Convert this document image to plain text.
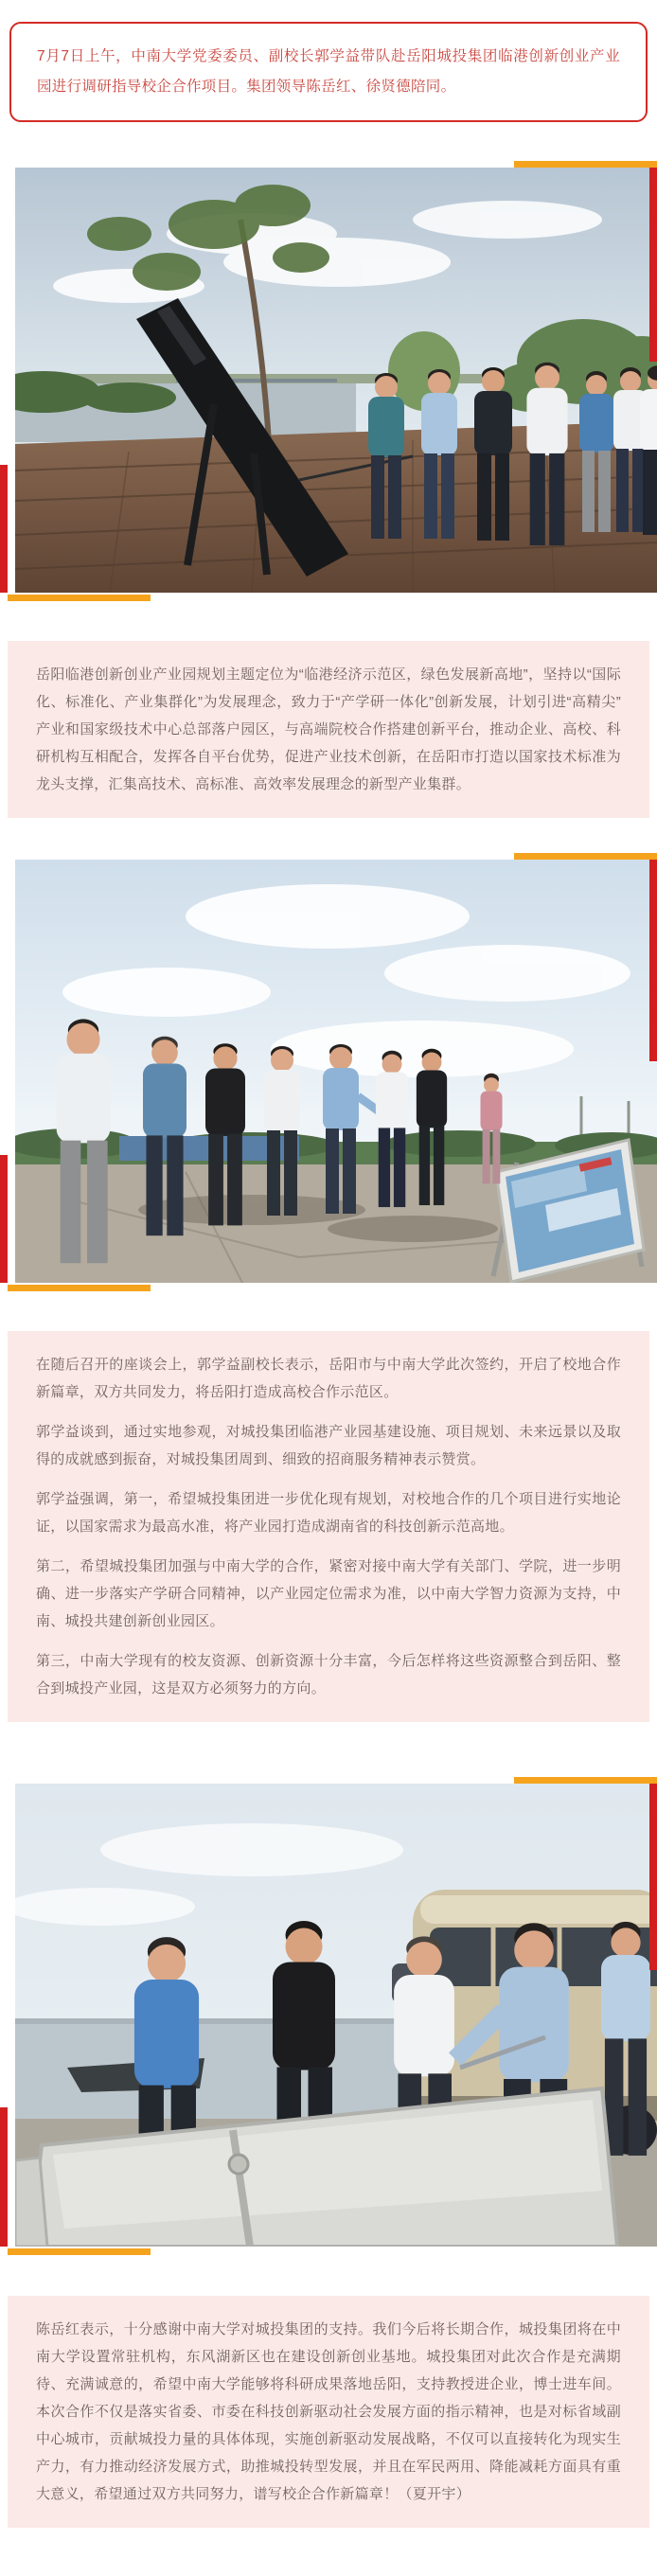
7月7日上午，中南大学党委委员、副校长郭学益带队赴岳阳城投集团临港创新创业产业园进行调研指导校企合作项目。集团领导陈岳红、徐贤德陪同。

岳阳临港创新创业产业园规划主题定位为“临港经济示范区，绿色发展新高地”，坚持以“国际化、标准化、产业集群化”为发展理念，致力于“产学研一体化”创新发展，计划引进“高精尖”产业和国家级技术中心总部落户园区，与高端院校合作搭建创新平台，推动企业、高校、科研机构互相配合，发挥各自平台优势，促进产业技术创新，在岳阳市打造以国家技术标准为龙头支撑，汇集高技术、高标准、高效率发展理念的新型产业集群。

在随后召开的座谈会上，郭学益副校长表示，岳阳市与中南大学此次签约，开启了校地合作新篇章，双方共同发力，将岳阳打造成高校合作示范区。

郭学益谈到，通过实地参观，对城投集团临港产业园基建设施、项目规划、未来远景以及取得的成就感到振奋，对城投集团周到、细致的招商服务精神表示赞赏。

郭学益强调，第一，希望城投集团进一步优化现有规划，对校地合作的几个项目进行实地论证，以国家需求为最高水准，将产业园打造成湖南省的科技创新示范高地。

第二，希望城投集团加强与中南大学的合作，紧密对接中南大学有关部门、学院，进一步明确、进一步落实产学研合同精神，以产业园定位需求为准，以中南大学智力资源为支持，中南、城投共建创新创业园区。

第三，中南大学现有的校友资源、创新资源十分丰富，今后怎样将这些资源整合到岳阳、整合到城投产业园，这是双方必须努力的方向。

陈岳红表示，十分感谢中南大学对城投集团的支持。我们今后将长期合作，城投集团将在中南大学设置常驻机构，东风湖新区也在建设创新创业基地。城投集团对此次合作是充满期待、充满诚意的，希望中南大学能够将科研成果落地岳阳，支持教授进企业，博士进车间。本次合作不仅是落实省委、市委在科技创新驱动社会发展方面的指示精神，也是对标省域副中心城市，贡献城投力量的具体体现，实施创新驱动发展战略，不仅可以直接转化为现实生产力，有力推动经济发展方式，助推城投转型发展，并且在军民两用、降能减耗方面具有重大意义，希望通过双方共同努力，谱写校企合作新篇章！（夏开宇）
